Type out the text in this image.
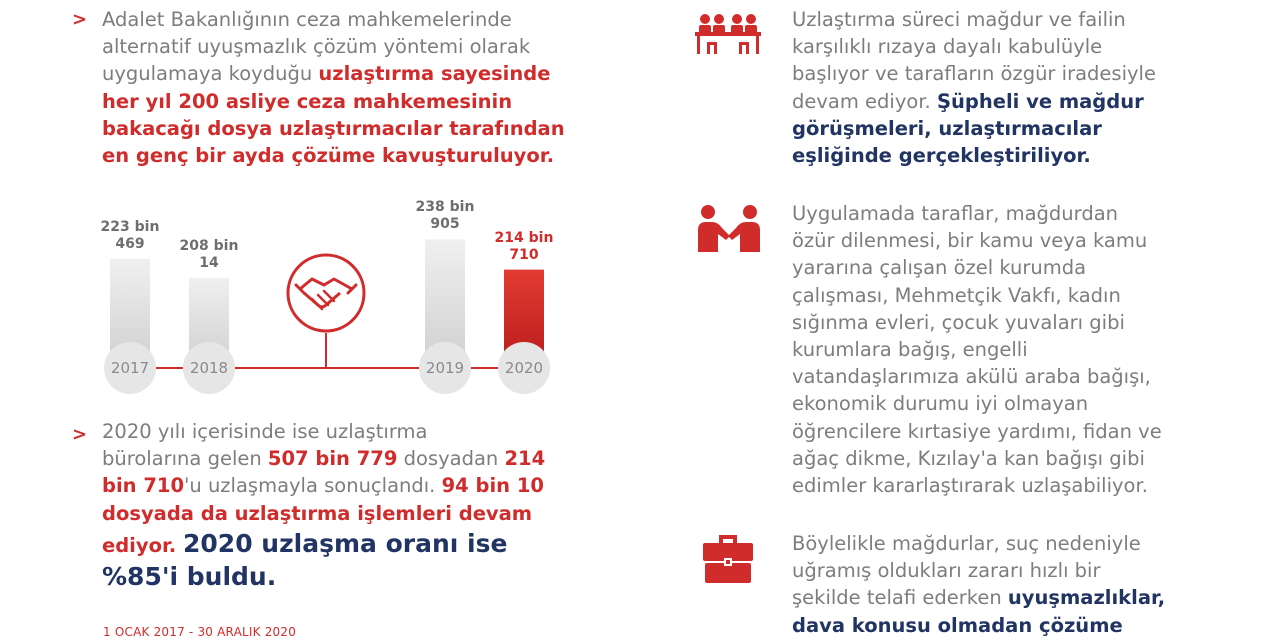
> Adalet Bakanlığının ceza mahkemelerinde
alternatif uyuşmazlık çözüm yöntemi olarak
uygulamaya koyduğu uzlaştırma sayesinde
her yıl 200 asliye ceza mahkemesinin
bakacağı dosya uzlaştırmacılar tarafından
en genç bir ayda çözüme kavuşturuluyor.
223 bin
469
2017
208 bin
14
2018
238 bin
905
2019
214 bin
710
2020
> 2020 yılı içerisinde ise uzlaştırma
bürolarına gelen 507 bin 779 dosyadan 214
bin 710'u uzlaşmayla sonuçlandı. 94 bin 10
dosyada da uzlaştırma işlemleri devam
ediyor. 2020 uzlaşma oranı ise
%85'i buldu.
1 OCAK 2017 - 30 ARALIK 2020
Uzlaştırma süreci mağdur ve failin
karşılıklı rızaya dayalı kabulüyle
başlıyor ve tarafların özgür iradesiyle
devam ediyor. Şüpheli ve mağdur
görüşmeleri, uzlaştırmacılar
eşliğinde gerçekleştiriliyor.
Uygulamada taraflar, mağdurdan
özür dilenmesi, bir kamu veya kamu
yararına çalışan özel kurumda
çalışması, Mehmetçik Vakfı, kadın
sığınma evleri, çocuk yuvaları gibi
kurumlara bağış, engelli
vatandaşlarımıza akülü araba bağışı,
ekonomik durumu iyi olmayan
öğrencilere kırtasiye yardımı, fidan ve
ağaç dikme, Kızılay'a kan bağışı gibi
edimler kararlaştırarak uzlaşabiliyor.
Böylelikle mağdurlar, suç nedeniyle
uğramış oldukları zararı hızlı bir
şekilde telafi ederken uyuşmazlıklar,
dava konusu olmadan çözüme
